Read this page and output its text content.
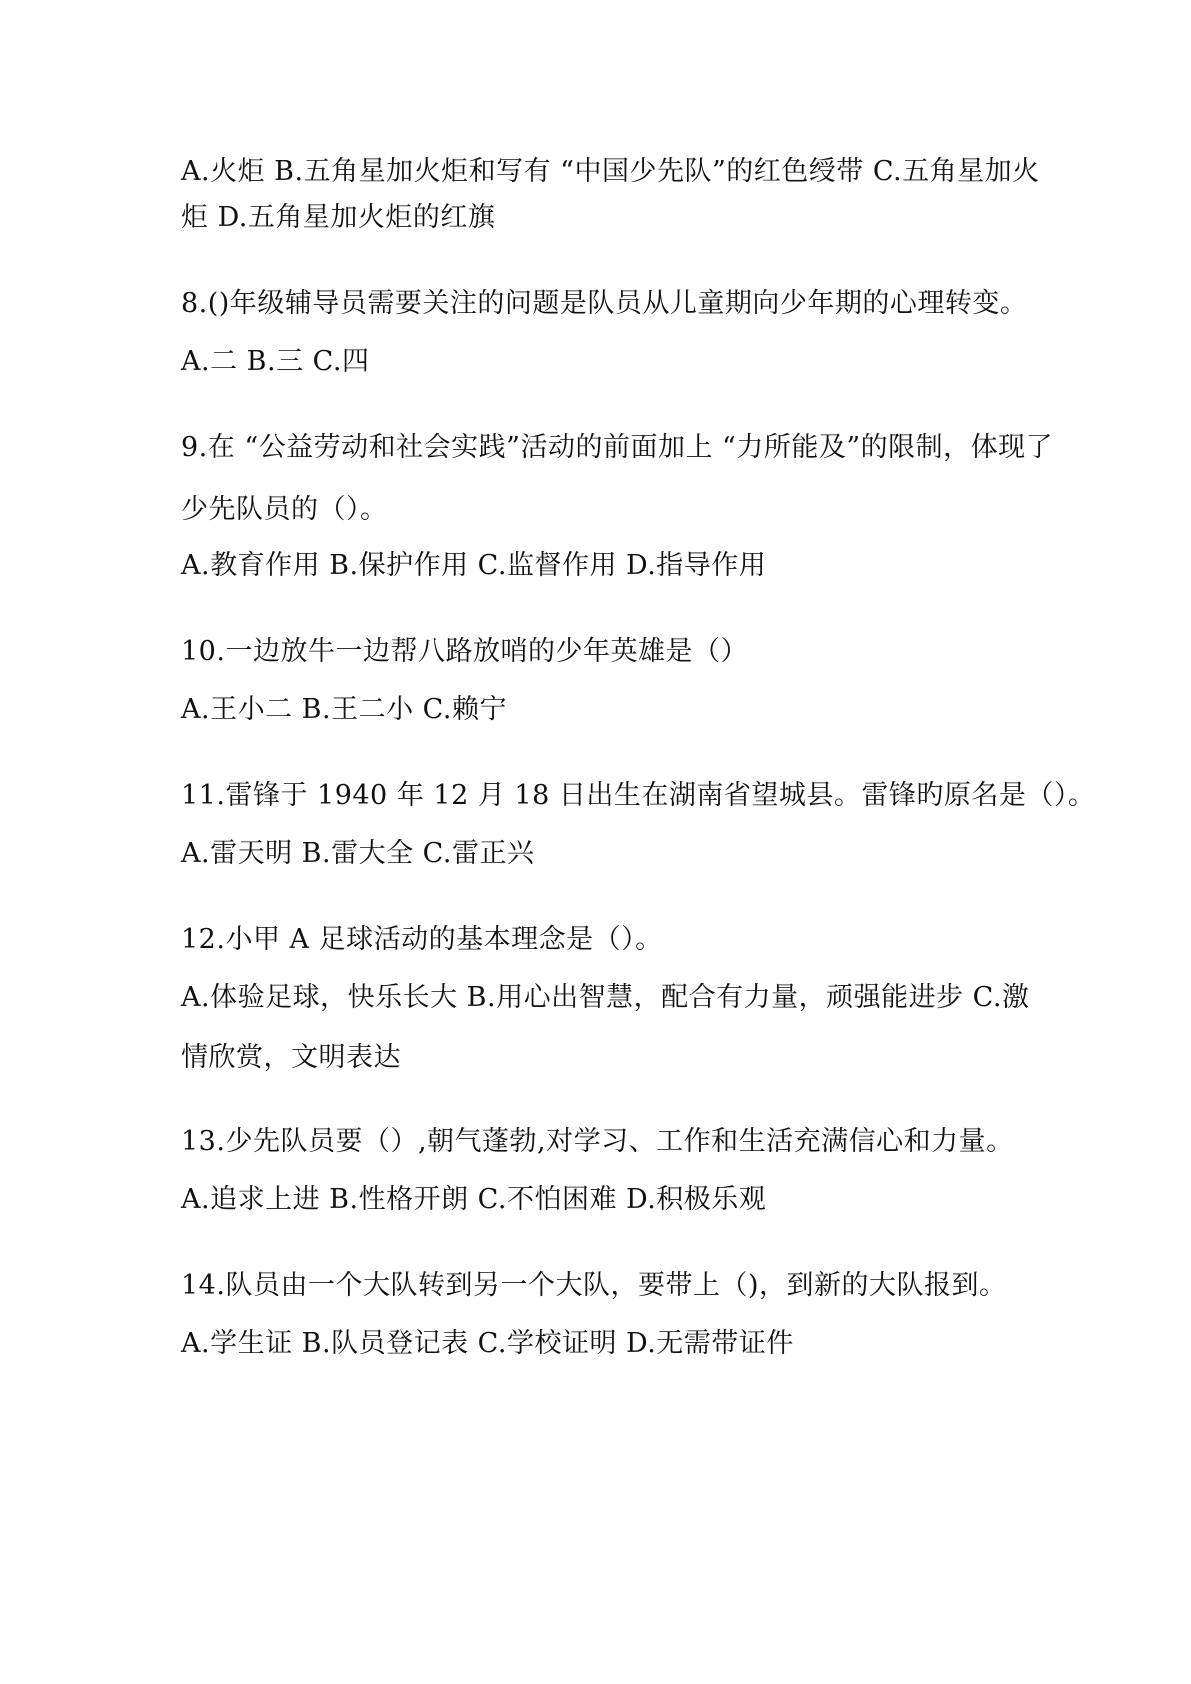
A.火炬 B.五角星加火炬和写有 “中国少先队”的红色绶带 C.五角星加火
炬 D.五角星加火炬的红旗
8.()年级辅导员需要关注的问题是队员从儿童期向少年期的心理转变。
A.二 B.三 C.四
9.在 “公益劳动和社会实践”活动的前面加上 “力所能及”的限制，体现了
少先队员的（）。
A.教育作用 B.保护作用 C.监督作用 D.指导作用
10.一边放牛一边帮八路放哨的少年英雄是（）
A.王小二 B.王二小 C.赖宁
11.雷锋于 1940 年 12 月 18 日出生在湖南省望城县。雷锋旳原名是（）。
A.雷天明 B.雷大全 C.雷正兴
12.小甲 A 足球活动的基本理念是（）。
A.体验足球，快乐长大 B.用心出智慧，配合有力量，顽强能进步 C.激
情欣赏，文明表达
13.少先队员要（）,朝气蓬勃,对学习、工作和生活充满信心和力量。
A.追求上进 B.性格开朗 C.不怕困难 D.积极乐观
14.队员由一个大队转到另一个大队，要带上（)，到新的大队报到。
A.学生证 B.队员登记表 C.学校证明 D.无需带证件
